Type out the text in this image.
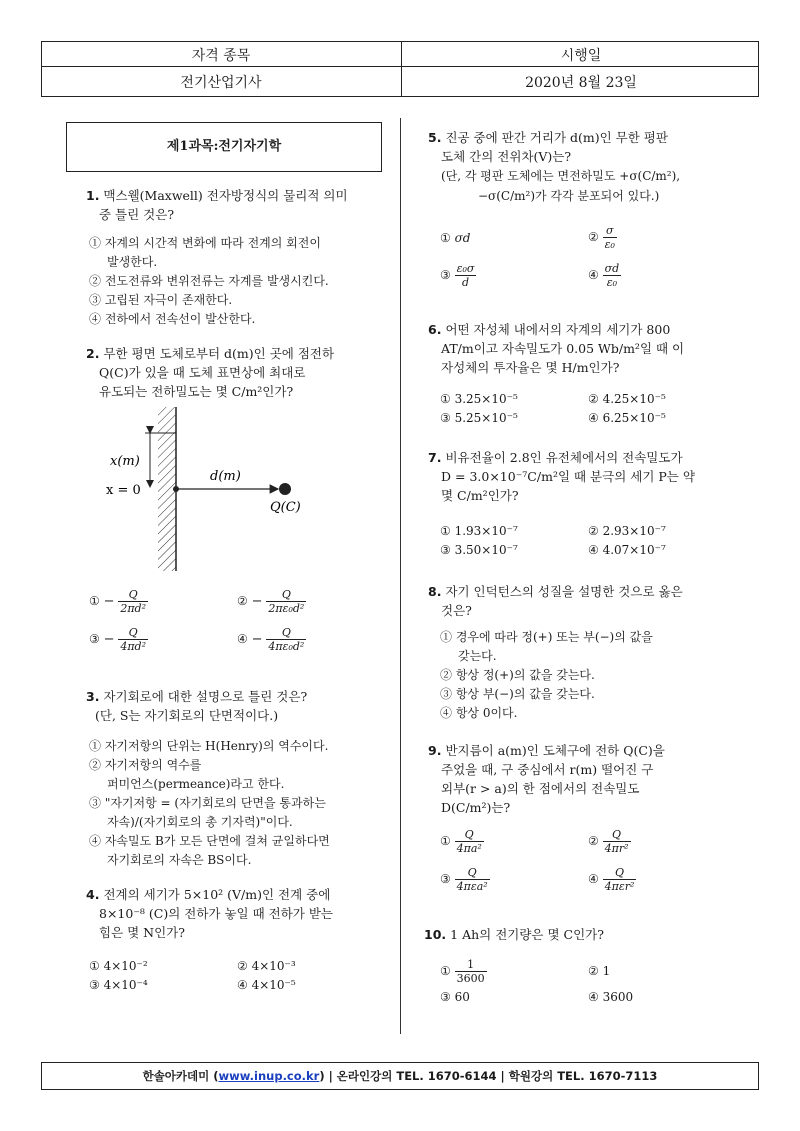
자격 종목	시행일
전기산업기사	2020년 8월 23일
제1과목:전기자기학
1. 맥스웰(Maxwell) 전자방정식의 물리적 의미
중 틀린 것은?
① 자계의 시간적 변화에 따라 전계의 회전이
발생한다.
② 전도전류와 변위전류는 자계를 발생시킨다.
③ 고립된 자극이 존재한다.
④ 전하에서 전속선이 발산한다.
2. 무한 평면 도체로부터 d(m)인 곳에 점전하
Q(C)가 있을 때 도체 표면상에 최대로
유도되는 전하밀도는 몇 C/m²인가?
x(m)
x = 0
d(m)
Q(C)
① − $\frac{Q}{\text{2πd²}}$	② − $\frac{Q}{\text{2πε₀d²}}$
③ − $\frac{Q}{\text{4πd²}}$	④ − $\frac{Q}{\text{4πε₀d²}}$
3. 자기회로에 대한 설명으로 틀린 것은?
(단, S는 자기회로의 단면적이다.)
① 자기저항의 단위는 H(Henry)의 역수이다.
② 자기저항의 역수를
퍼미언스(permeance)라고 한다.
③ "자기저항 = (자기회로의 단면을 통과하는
자속)/(자기회로의 총 기자력)"이다.
④ 자속밀도 B가 모든 단면에 걸쳐 균일하다면
자기회로의 자속은 BS이다.
4. 전계의 세기가 5×10² (V/m)인 전계 중에
8×10⁻⁸ (C)의 전하가 놓일 때 전하가 받는
힘은 몇 N인가?
① 4×10⁻²	② 4×10⁻³
③ 4×10⁻⁴	④ 4×10⁻⁵
5. 진공 중에 판간 거리가 d(m)인 무한 평판
도체 간의 전위차(V)는?
(단, 각 평판 도체에는 면전하밀도 +σ(C/m²),
−σ(C/m²)가 각각 분포되어 있다.)
① σd	② $\frac{\sigma}{\text{ε₀}}$
③ $\frac{\text{ε₀σ}}{d}$	④ $\frac{\sigma d}{\text{ε₀}}$
6. 어떤 자성체 내에서의 자계의 세기가 800
AT/m이고 자속밀도가 0.05 Wb/m²일 때 이
자성체의 투자율은 몇 H/m인가?
① 3.25×10⁻⁵	② 4.25×10⁻⁵
③ 5.25×10⁻⁵	④ 6.25×10⁻⁵
7. 비유전율이 2.8인 유전체에서의 전속밀도가
D = 3.0×10⁻⁷C/m²일 때 분극의 세기 P는 약
몇 C/m²인가?
① 1.93×10⁻⁷	② 2.93×10⁻⁷
③ 3.50×10⁻⁷	④ 4.07×10⁻⁷
8. 자기 인덕턴스의 성질을 설명한 것으로 옳은
것은?
① 경우에 따라 정(+) 또는 부(−)의 값을
갖는다.
② 항상 정(+)의 값을 갖는다.
③ 항상 부(−)의 값을 갖는다.
④ 항상 0이다.
9. 반지름이 a(m)인 도체구에 전하 Q(C)을
주었을 때, 구 중심에서 r(m) 떨어진 구
외부(r > a)의 한 점에서의 전속밀도
D(C/m²)는?
① $\frac{Q}{\text{4πa²}}$	② $\frac{Q}{\text{4πr²}}$
③ $\frac{Q}{\text{4πεa²}}$	④ $\frac{Q}{\text{4πεr²}}$
10. 1 Ah의 전기량은 몇 C인가?
① $\frac{1}{3600}$	② 1
③ 60	④ 3600
한솔아카데미 (www.inup.co.kr) | 온라인강의 TEL. 1670-6144 | 학원강의 TEL. 1670-7113
